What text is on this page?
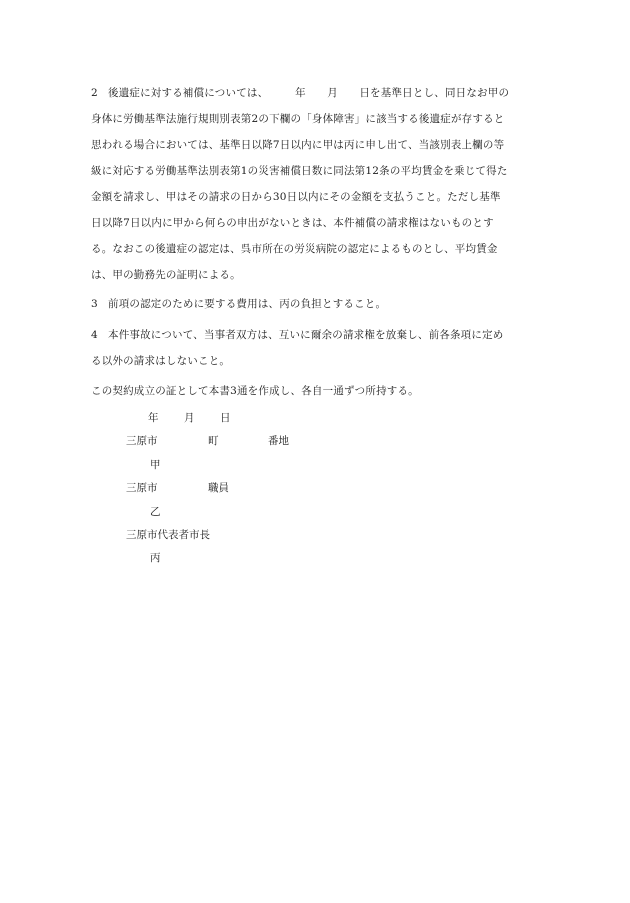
2 後遺症に対する補償については、　　　年　　月　　日を基準日とし、同日なお甲の
身体に労働基準法施行規則別表第2の下欄の「身体障害」に該当する後遺症が存すると
思われる場合においては、基準日以降7日以内に甲は丙に申し出て、当該別表上欄の等
級に対応する労働基準法別表第1の災害補償日数に同法第12条の平均賃金を乗じて得た
金額を請求し、甲はその請求の日から30日以内にその金額を支払うこと。ただし基準
日以降7日以内に甲から何らの申出がないときは、本件補償の請求権はないものとす
る。なおこの後遺症の認定は、呉市所在の労災病院の認定によるものとし、平均賃金
は、甲の勤務先の証明による。
3 前項の認定のために要する費用は、丙の負担とすること。
4 本件事故について、当事者双方は、互いに爾余の請求権を放棄し、前各条項に定め
る以外の請求はしないこと。
この契約成立の証として本書3通を作成し、各自一通ずつ所持する。
年 月 日
三原市	町	番地
甲
三原市	職員
乙
三原市代表者市長
丙
